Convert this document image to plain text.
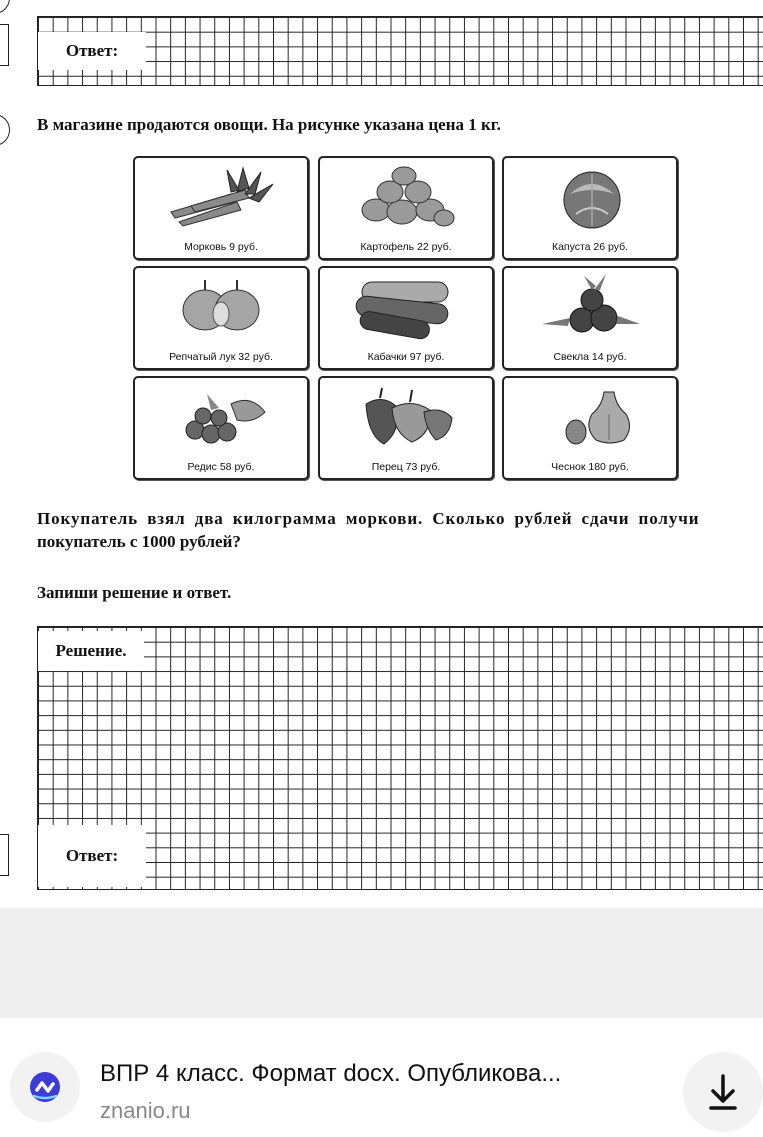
Ответ:
В магазине продаются овощи. На рисунке указана цена 1 кг.
Морковь 9 руб.	Картофель 22 руб.	Капуста 26 руб.
Репчатый лук 32 руб.	Кабачки 97 руб.	Свекла 14 руб.
Редис 58 руб.	Перец 73 руб.	Чеснок 180 руб.
Покупатель взял два килограмма моркови. Сколько рублей сдачи получи
покупатель с 1000 рублей?
Запиши решение и ответ.
Решение.
Ответ:
ВПР 4 класс. Формат docx. Опубликова...
znanio.ru
